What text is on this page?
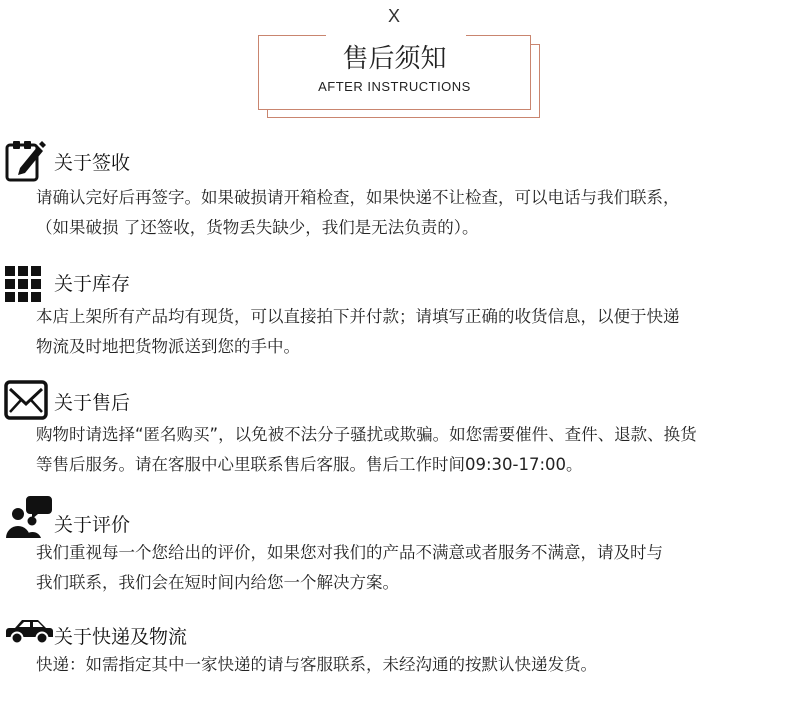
X
售后须知
AFTER INSTRUCTIONS
关于签收
请确认完好后再签字。如果破损请开箱检查，如果快递不让检查，可以电话与我们联系，
（如果破损 了还签收，货物丢失缺少，我们是无法负责的）。
关于库存
本店上架所有产品均有现货，可以直接拍下并付款；请填写正确的收货信息，以便于快递
物流及时地把货物派送到您的手中。
关于售后
购物时请选择“匿名购买”，以免被不法分子骚扰或欺骗。如您需要催件、查件、退款、换货
等售后服务。请在客服中心里联系售后客服。售后工作时间09:30-17:00。
关于评价
我们重视每一个您给出的评价，如果您对我们的产品不满意或者服务不满意，请及时与
我们联系，我们会在短时间内给您一个解决方案。
关于快递及物流
快递：如需指定其中一家快递的请与客服联系，未经沟通的按默认快递发货。
